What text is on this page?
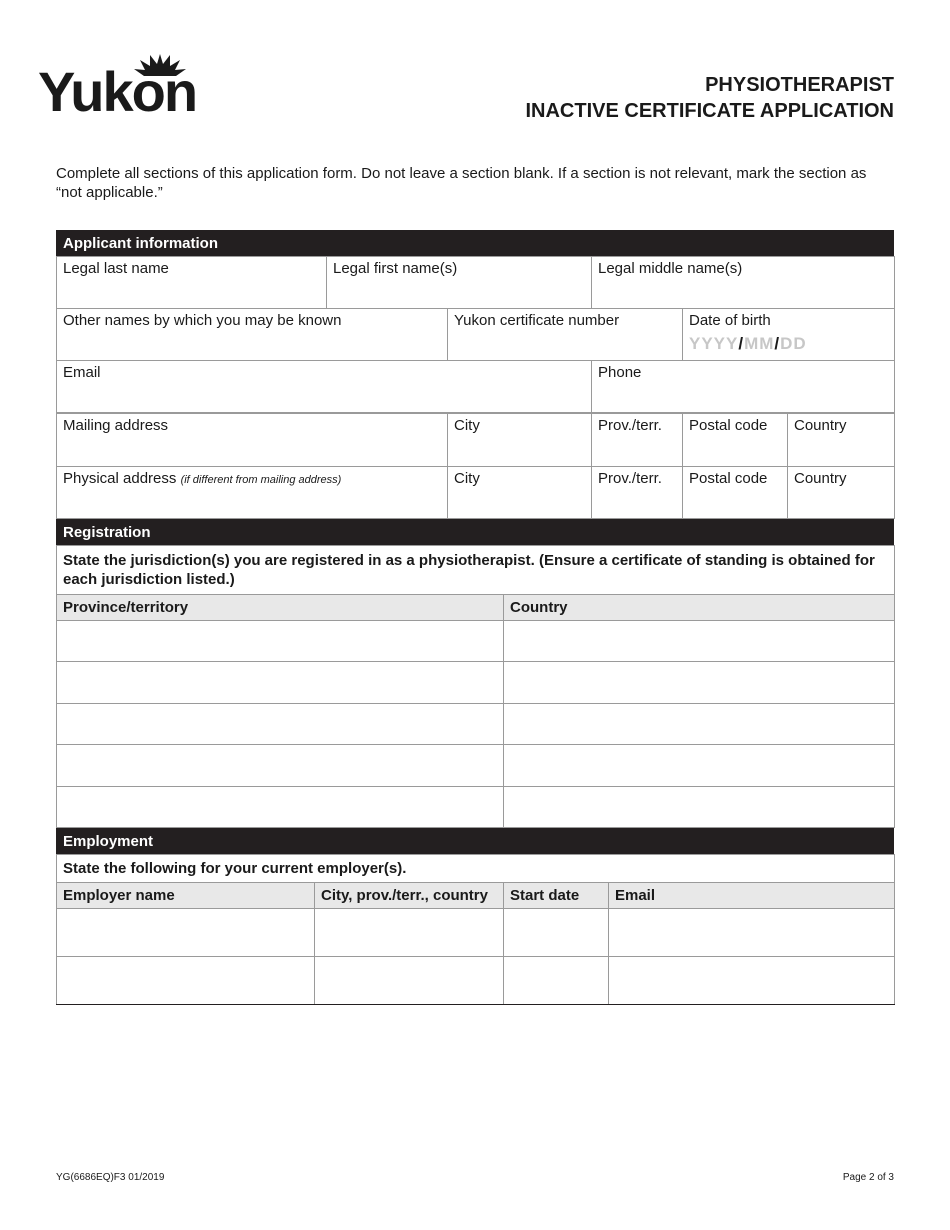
Yukon	PHYSIOTHERAPIST
INACTIVE CERTIFICATE APPLICATION
Complete all sections of this application form. Do not leave a section blank. If a section is not relevant, mark the section as “not applicable.”
Applicant information
Legal last name	Legal first name(s)		Legal middle name(s)	

Other names by which you may be known		Yukon certificate number		Date of birth
YYYY/MM/DD

Email			Phone	
Mailing address	City	Prov./terr.	Postal code	Country

Physical address (if different from mailing address)	City	Prov./terr.	Postal code	Country
Registration
State the jurisdiction(s) you are registered in as a physiotherapist. (Ensure a certificate of standing is obtained for each jurisdiction listed.)	
Province/territory	Country

Employment
State the following for your current employer(s).			
Employer name	City, prov./terr., country	Start date	Email

YG(6686EQ)F3 01/2019	Page 2 of 3
